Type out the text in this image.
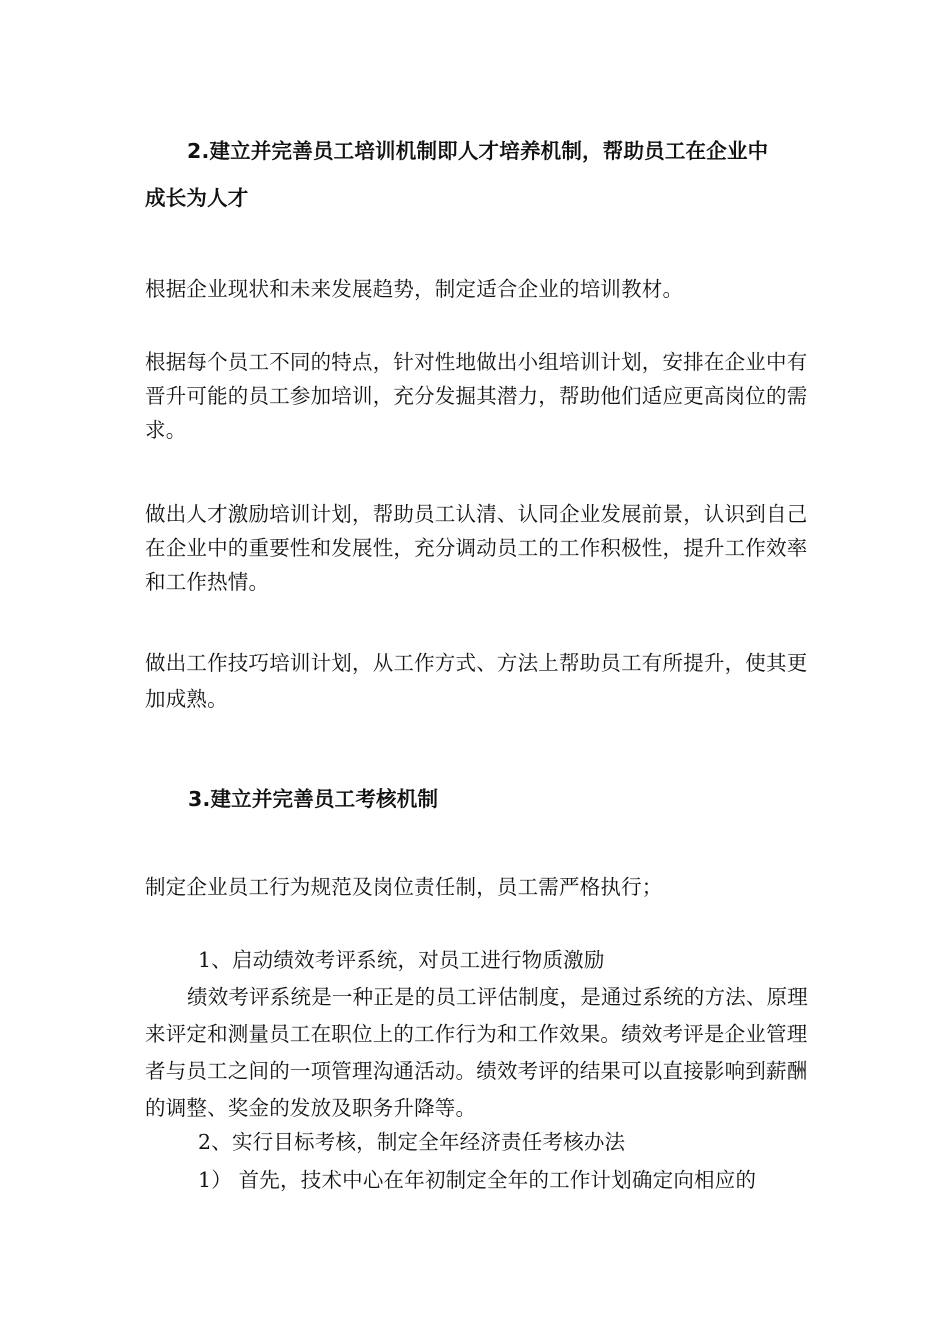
2.建立并完善员工培训机制即人才培养机制，帮助员工在企业中

成长为人才

根据企业现状和未来发展趋势，制定适合企业的培训教材。

根据每个员工不同的特点，针对性地做出小组培训计划，安排在企业中有晋升可能的员工参加培训，充分发掘其潜力，帮助他们适应更高岗位的需求。

做出人才激励培训计划，帮助员工认清、认同企业发展前景，认识到自己在企业中的重要性和发展性，充分调动员工的工作积极性，提升工作效率和工作热情。

做出工作技巧培训计划，从工作方式、方法上帮助员工有所提升，使其更加成熟。

3.建立并完善员工考核机制

制定企业员工行为规范及岗位责任制，员工需严格执行；

1、启动绩效考评系统，对员工进行物质激励

绩效考评系统是一种正是的员工评估制度，是通过系统的方法、原理来评定和测量员工在职位上的工作行为和工作效果。绩效考评是企业管理者与员工之间的一项管理沟通活动。绩效考评的结果可以直接影响到薪酬的调整、奖金的发放及职务升降等。

2、实行目标考核，制定全年经济责任考核办法

1） 首先，技术中心在年初制定全年的工作计划确定向相应的
